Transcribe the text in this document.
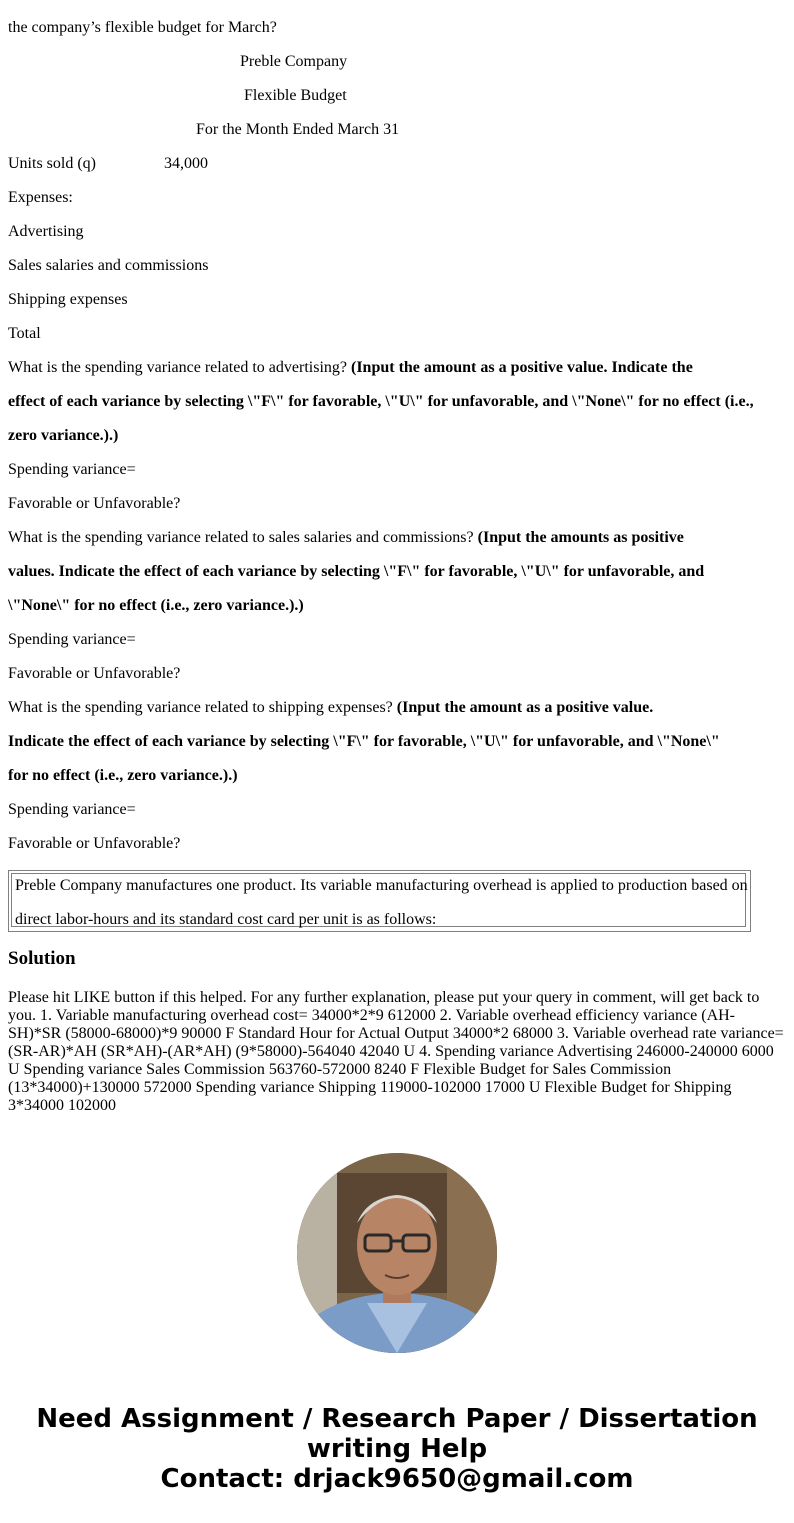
the company’s flexible budget for March?
Preble Company
Flexible Budget
For the Month Ended March 31
Units sold (q)	34,000
Expenses:
Advertising
Sales salaries and commissions
Shipping expenses
Total
What is the spending variance related to advertising? (Input the amount as a positive value. Indicate the
effect of each variance by selecting \"F\" for favorable, \"U\" for unfavorable, and \"None\" for no effect (i.e.,
zero variance.).)
Spending variance=
Favorable or Unfavorable?
What is the spending variance related to sales salaries and commissions? (Input the amounts as positive
values. Indicate the effect of each variance by selecting \"F\" for favorable, \"U\" for unfavorable, and
\"None\" for no effect (i.e., zero variance.).)
Spending variance=
Favorable or Unfavorable?
What is the spending variance related to shipping expenses? (Input the amount as a positive value.
Indicate the effect of each variance by selecting \"F\" for favorable, \"U\" for unfavorable, and \"None\"
for no effect (i.e., zero variance.).)
Spending variance=
Favorable or Unfavorable?
Preble Company manufactures one product. Its variable manufacturing overhead is applied to production based on
direct labor-hours and its standard cost card per unit is as follows:
Solution
Please hit LIKE button if this helped. For any further explanation, please put your query in comment, will get back to you. 1. Variable manufacturing overhead cost= 34000*2*9 612000 2. Variable overhead efficiency variance (AH-SH)*SR (58000-68000)*9 90000 F Standard Hour for Actual Output 34000*2 68000 3. Variable overhead rate variance=(SR-AR)*AH (SR*AH)-(AR*AH) (9*58000)-564040 42040 U 4. Spending variance Advertising 246000-240000 6000 U Spending variance Sales Commission 563760-572000 8240 F Flexible Budget for Sales Commission (13*34000)+130000 572000 Spending variance Shipping 119000-102000 17000 U Flexible Budget for Shipping 3*34000 102000
Need Assignment / Research Paper / Dissertation
writing Help
Contact: drjack9650@gmail.com
